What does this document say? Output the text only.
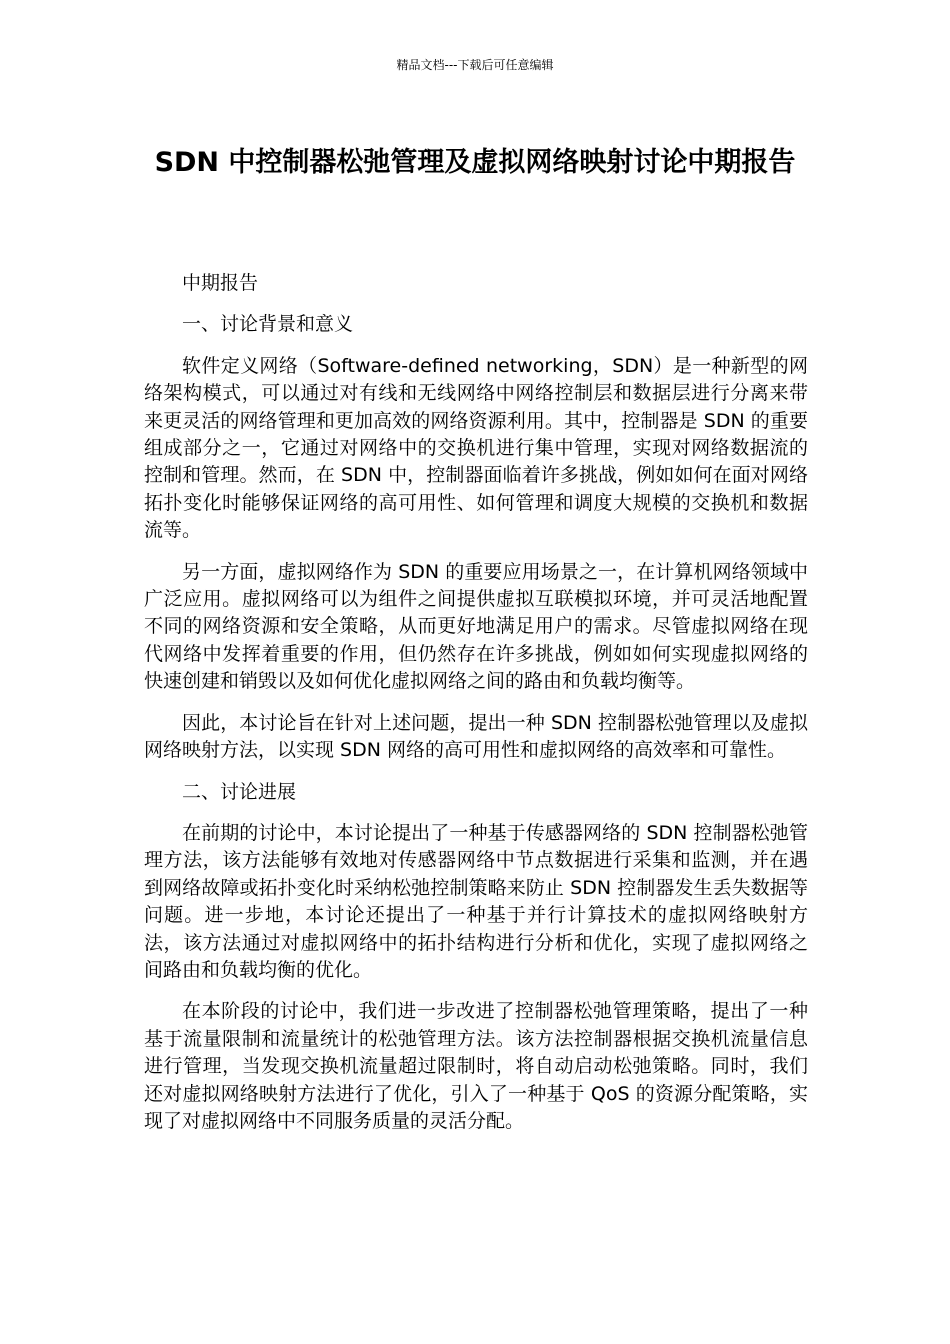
精品文档---下载后可任意编辑
SDN 中控制器松弛管理及虚拟网络映射讨论中期报告

中期报告

一、讨论背景和意义

软件定义网络（Software-defined networking，SDN）是一种新型的网络架构模式，可以通过对有线和无线网络中网络控制层和数据层进行分离来带来更灵活的网络管理和更加高效的网络资源利用。其中，控制器是 SDN 的重要组成部分之一，它通过对网络中的交换机进行集中管理，实现对网络数据流的控制和管理。然而，在 SDN 中，控制器面临着许多挑战，例如如何在面对网络拓扑变化时能够保证网络的高可用性、如何管理和调度大规模的交换机和数据流等。

另一方面，虚拟网络作为 SDN 的重要应用场景之一，在计算机网络领域中广泛应用。虚拟网络可以为组件之间提供虚拟互联模拟环境，并可灵活地配置不同的网络资源和安全策略，从而更好地满足用户的需求。尽管虚拟网络在现代网络中发挥着重要的作用，但仍然存在许多挑战，例如如何实现虚拟网络的快速创建和销毁以及如何优化虚拟网络之间的路由和负载均衡等。

因此，本讨论旨在针对上述问题，提出一种 SDN 控制器松弛管理以及虚拟网络映射方法，以实现 SDN 网络的高可用性和虚拟网络的高效率和可靠性。

二、讨论进展

在前期的讨论中，本讨论提出了一种基于传感器网络的 SDN 控制器松弛管理方法，该方法能够有效地对传感器网络中节点数据进行采集和监测，并在遇到网络故障或拓扑变化时采纳松弛控制策略来防止 SDN 控制器发生丢失数据等问题。进一步地，本讨论还提出了一种基于并行计算技术的虚拟网络映射方法，该方法通过对虚拟网络中的拓扑结构进行分析和优化，实现了虚拟网络之间路由和负载均衡的优化。

在本阶段的讨论中，我们进一步改进了控制器松弛管理策略，提出了一种基于流量限制和流量统计的松弛管理方法。该方法控制器根据交换机流量信息进行管理，当发现交换机流量超过限制时，将自动启动松弛策略。同时，我们还对虚拟网络映射方法进行了优化，引入了一种基于 QoS 的资源分配策略，实现了对虚拟网络中不同服务质量的灵活分配。
